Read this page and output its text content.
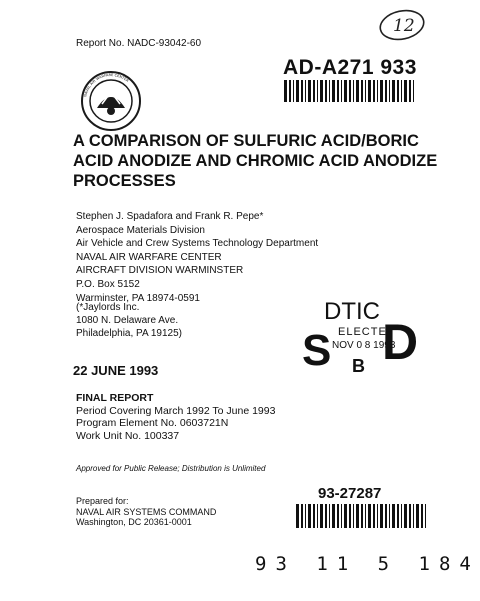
12
Report No. NADC-93042-60
AD-A271 933
NAVAL AIR WARFARE CENTER
A COMPARISON OF SULFURIC ACID/BORIC ACID ANODIZE AND CHROMIC ACID ANODIZE PROCESSES
Stephen J. Spadafora and Frank R. Pepe*
Aerospace Materials Division
Air Vehicle and Crew Systems Technology Department
NAVAL AIR WARFARE CENTER
AIRCRAFT DIVISION WARMINSTER
P.O. Box 5152
Warminster, PA 18974-0591
(*Jaylords Inc.
1080 N. Delaware Ave.
Philadelphia, PA 19125)
DTIC
ELECTE
NOV 0 8 1993
S B D
22 JUNE 1993
FINAL REPORT
Period Covering March 1992 To June 1993
Program Element No. 0603721N
Work Unit No. 100337
Approved for Public Release; Distribution is Unlimited
Prepared for:
NAVAL AIR SYSTEMS COMMAND
Washington, DC 20361-0001
93-27287
93 11 5 184
